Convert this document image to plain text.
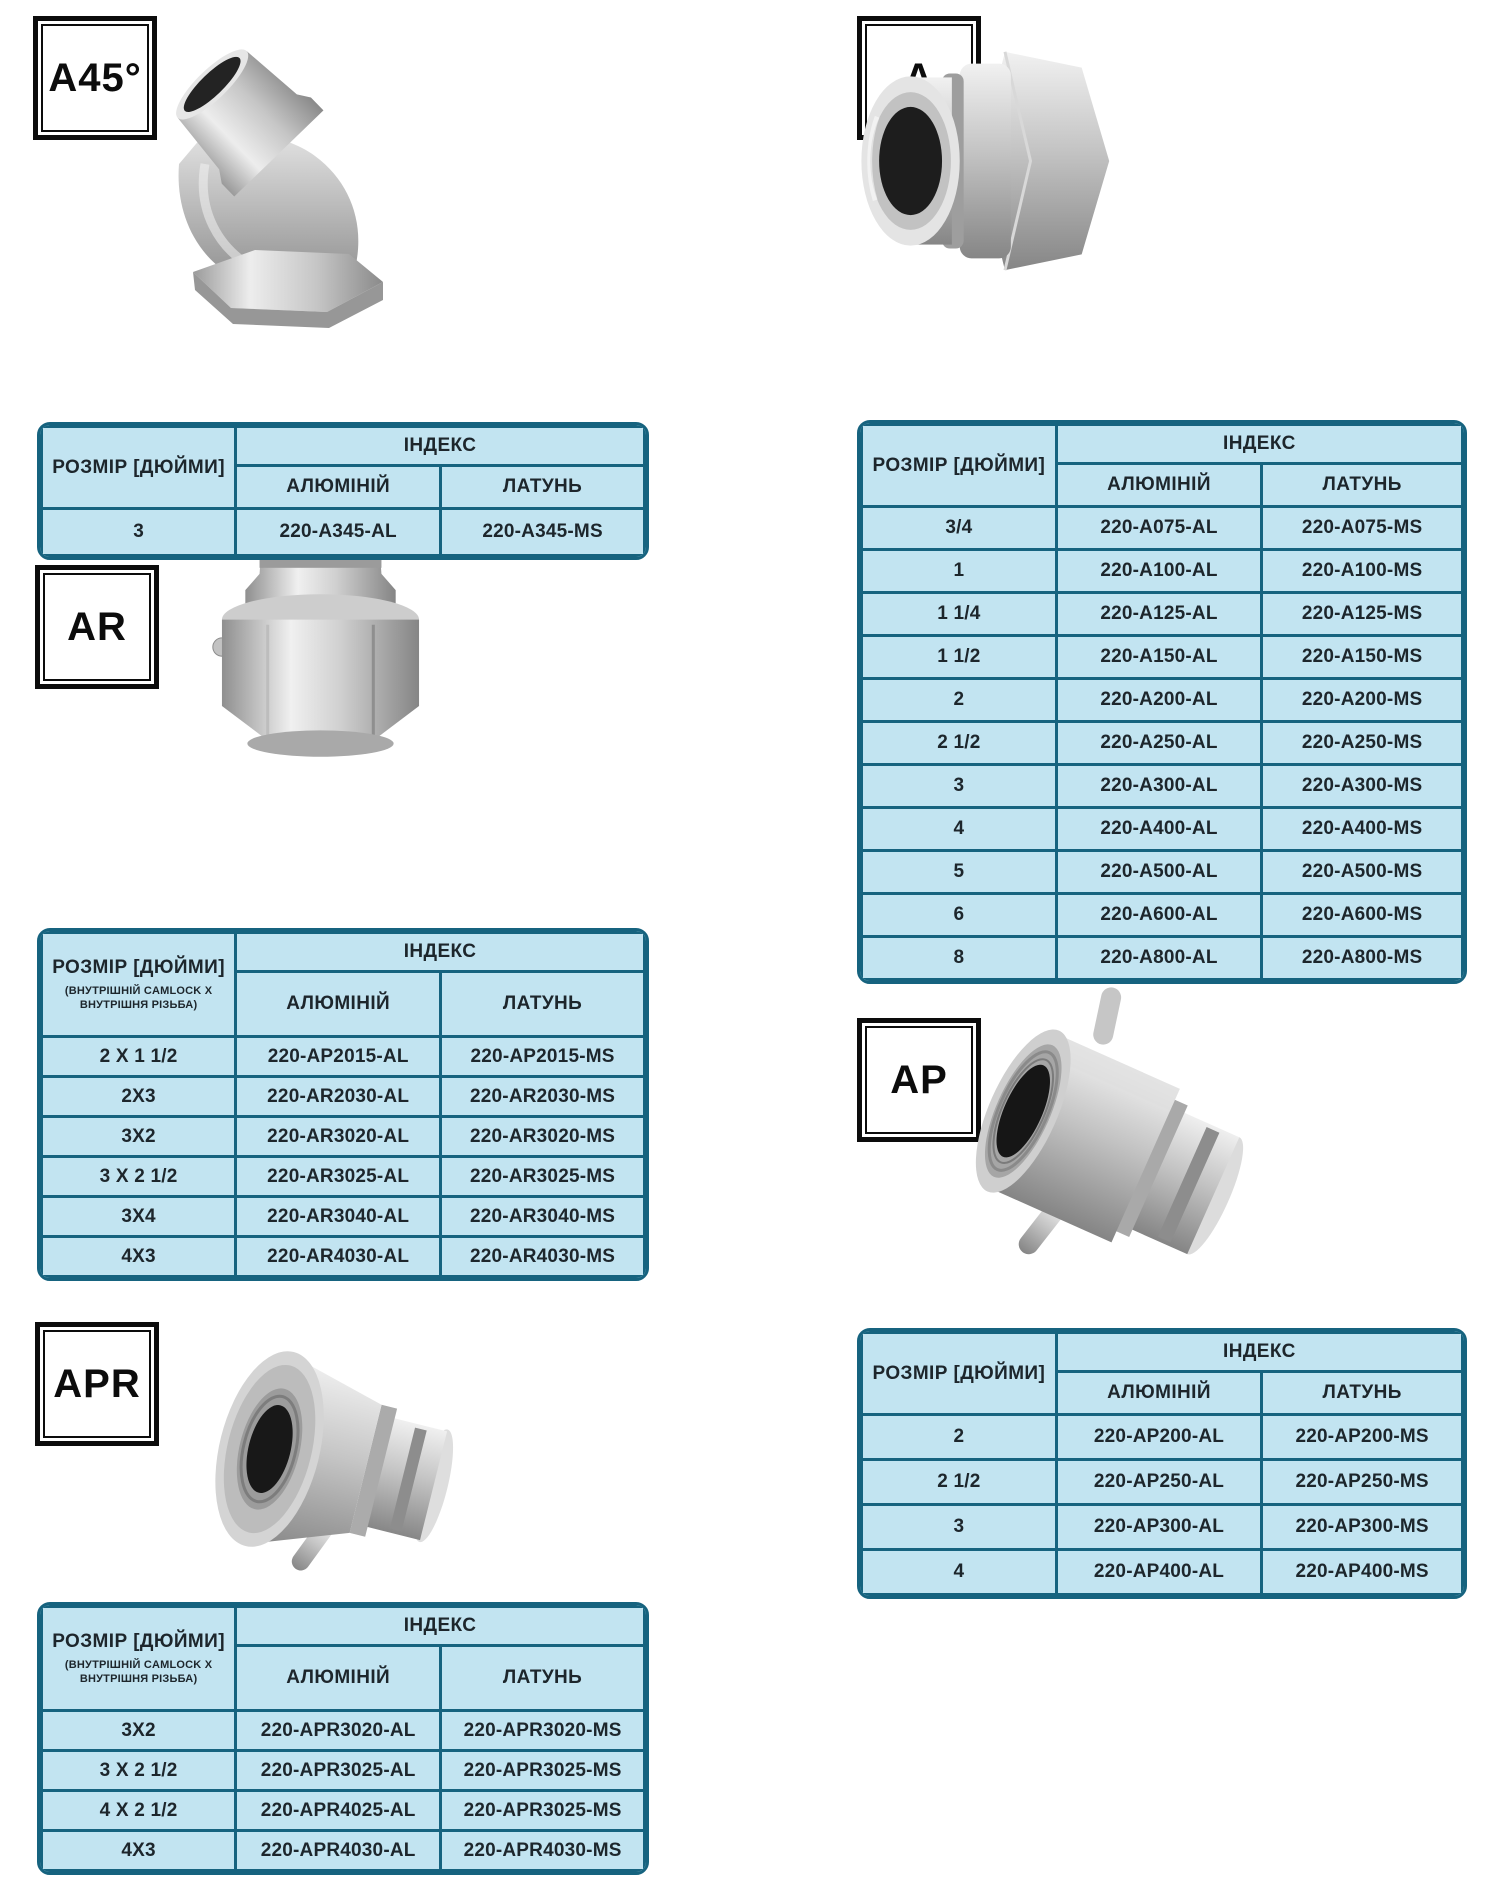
A45°
AR
AP
APR
РОЗМІР [ДЮЙМИ]	ІНДЕКС	
	АЛЮМІНІЙ	ЛАТУНЬ
3	220-A345-AL	220-A345-MS
РОЗМІР [ДЮЙМИ]	ІНДЕКС	
	АЛЮМІНІЙ	ЛАТУНЬ
3/4	220-A075-AL	220-A075-MS
1	220-A100-AL	220-A100-MS
1 1/4	220-A125-AL	220-A125-MS
1 1/2	220-A150-AL	220-A150-MS
2	220-A200-AL	220-A200-MS
2 1/2	220-A250-AL	220-A250-MS
3	220-A300-AL	220-A300-MS
4	220-A400-AL	220-A400-MS
5	220-A500-AL	220-A500-MS
6	220-A600-AL	220-A600-MS
8	220-A800-AL	220-A800-MS
РОЗМІР [ДЮЙМИ]
(ВНУТРІШНІЙ CAMLOCK X
ВНУТРІШНЯ РІЗЬБА)	ІНДЕКС	
	АЛЮМІНІЙ	ЛАТУНЬ
2 X 1 1/2	220-AP2015-AL	220-AP2015-MS
2X3	220-AR2030-AL	220-AR2030-MS
3X2	220-AR3020-AL	220-AR3020-MS
3 X 2 1/2	220-AR3025-AL	220-AR3025-MS
3X4	220-AR3040-AL	220-AR3040-MS
4X3	220-AR4030-AL	220-AR4030-MS
РОЗМІР [ДЮЙМИ]	ІНДЕКС	
	АЛЮМІНІЙ	ЛАТУНЬ
2	220-AP200-AL	220-AP200-MS
2 1/2	220-AP250-AL	220-AP250-MS
3	220-AP300-AL	220-AP300-MS
4	220-AP400-AL	220-AP400-MS
РОЗМІР [ДЮЙМИ]
(ВНУТРІШНІЙ CAMLOCK X
ВНУТРІШНЯ РІЗЬБА)	ІНДЕКС	
	АЛЮМІНІЙ	ЛАТУНЬ
3X2	220-APR3020-AL	220-APR3020-MS
3 X 2 1/2	220-APR3025-AL	220-APR3025-MS
4 X 2 1/2	220-APR4025-AL	220-APR3025-MS
4X3	220-APR4030-AL	220-APR4030-MS
